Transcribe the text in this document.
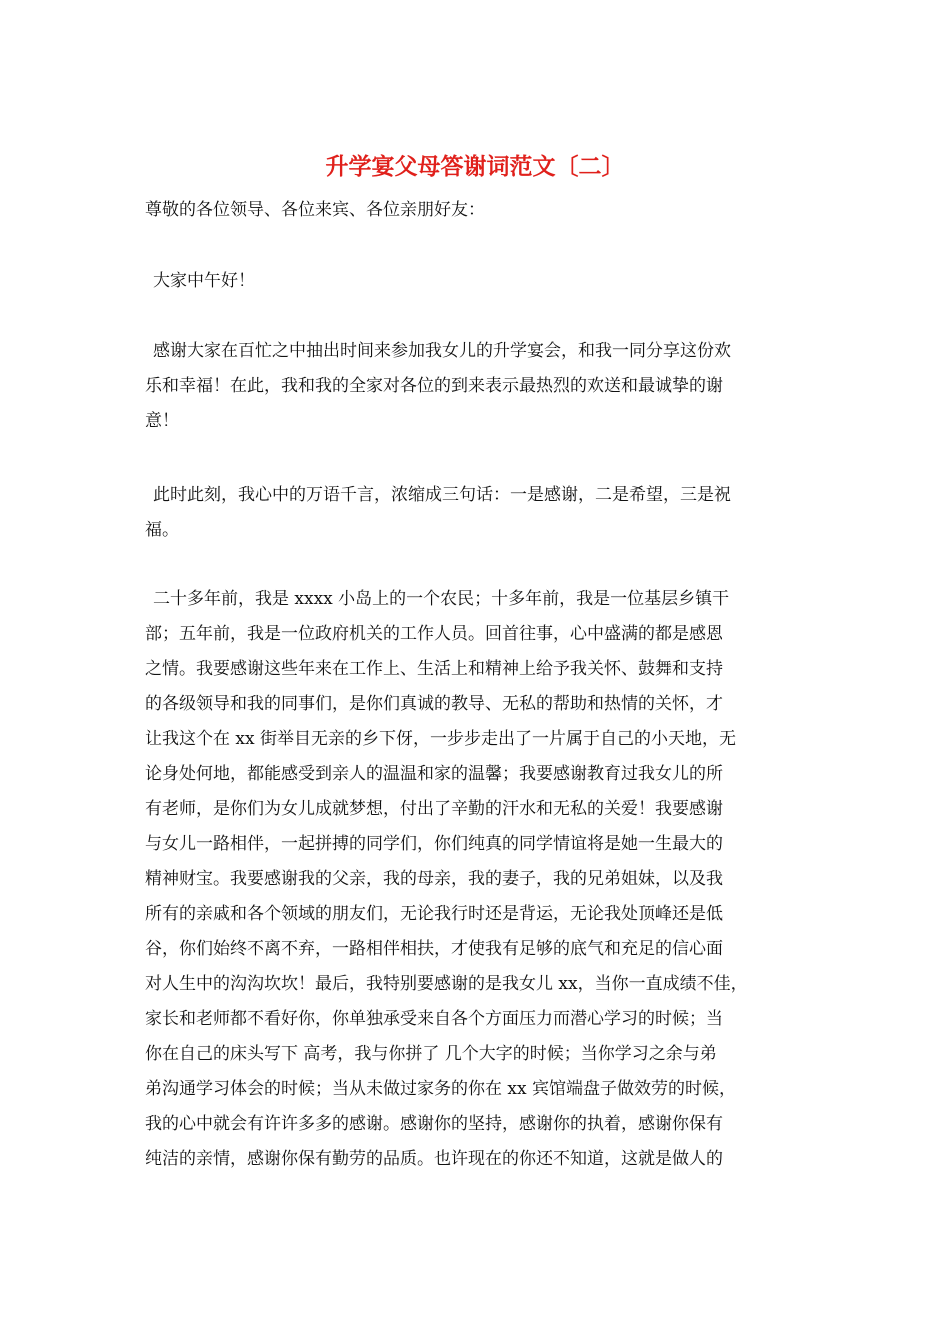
升学宴父母答谢词范文〔二〕
尊敬的各位领导、各位来宾、各位亲朋好友：
大家中午好！
感谢大家在百忙之中抽出时间来参加我女儿的升学宴会，和我一同分享这份欢
乐和幸福！在此，我和我的全家对各位的到来表示最热烈的欢送和最诚挚的谢
意！
此时此刻，我心中的万语千言，浓缩成三句话：一是感谢，二是希望，三是祝
福。
二十多年前，我是 xxxx 小岛上的一个农民；十多年前，我是一位基层乡镇干
部；五年前，我是一位政府机关的工作人员。回首往事，心中盛满的都是感恩
之情。我要感谢这些年来在工作上、生活上和精神上给予我关怀、鼓舞和支持
的各级领导和我的同事们，是你们真诚的教导、无私的帮助和热情的关怀，才
让我这个在 xx 街举目无亲的乡下伢，一步步走出了一片属于自己的小天地，无
论身处何地，都能感受到亲人的温温和家的温馨；我要感谢教育过我女儿的所
有老师，是你们为女儿成就梦想，付出了辛勤的汗水和无私的关爱！我要感谢
与女儿一路相伴，一起拼搏的同学们，你们纯真的同学情谊将是她一生最大的
精神财宝。我要感谢我的父亲，我的母亲，我的妻子，我的兄弟姐妹，以及我
所有的亲戚和各个领域的朋友们，无论我行时还是背运，无论我处顶峰还是低
谷，你们始终不离不弃，一路相伴相扶，才使我有足够的底气和充足的信心面
对人生中的沟沟坎坎！最后，我特别要感谢的是我女儿 xx，当你一直成绩不佳，
家长和老师都不看好你，你单独承受来自各个方面压力而潜心学习的时候；当
你在自己的床头写下 高考，我与你拼了 几个大字的时候；当你学习之余与弟
弟沟通学习体会的时候；当从未做过家务的你在 xx 宾馆端盘子做效劳的时候，
我的心中就会有许许多多的感谢。感谢你的坚持，感谢你的执着，感谢你保有
纯洁的亲情，感谢你保有勤劳的品质。也许现在的你还不知道，这就是做人的
